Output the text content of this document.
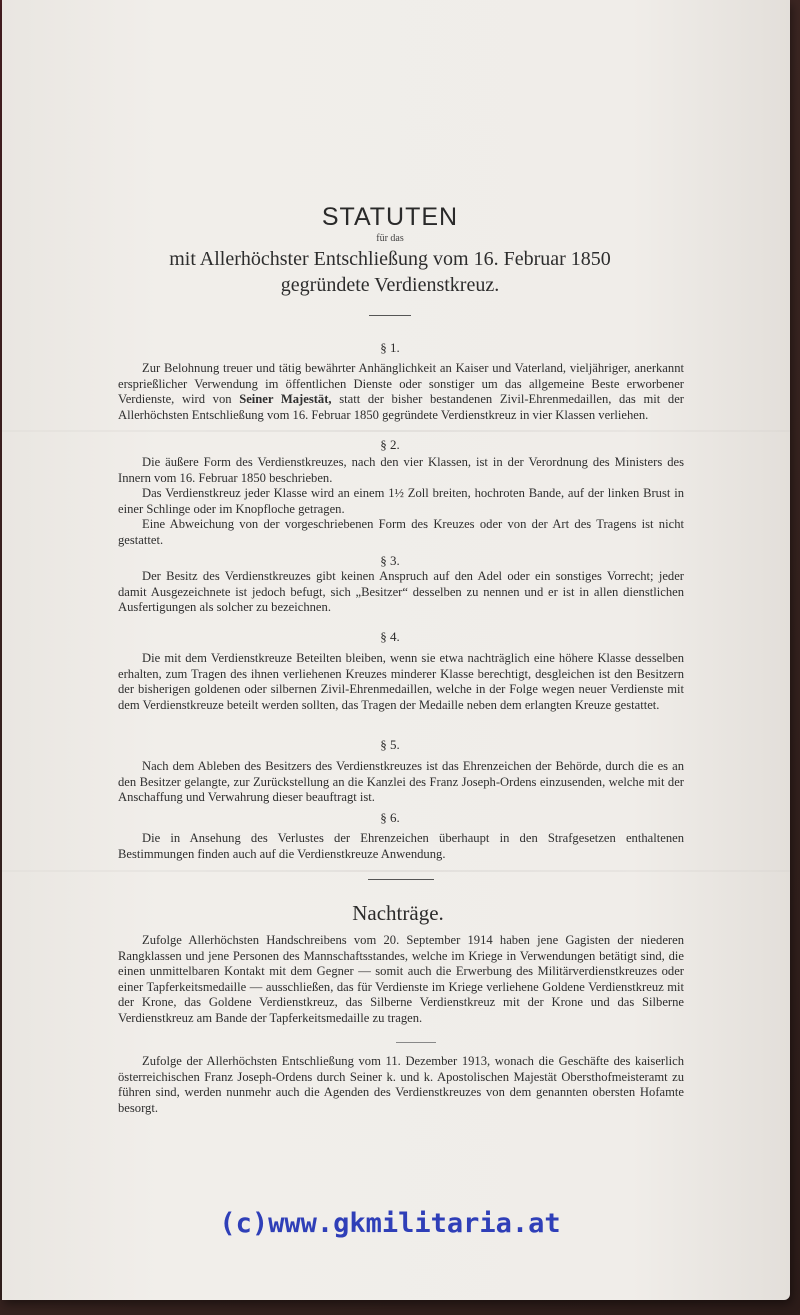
STATUTEN
für das
mit Allerhöchster Entschließung vom 16. Februar 1850
gegründete Verdienstkreuz.
§ 1.

Zur Belohnung treuer und tätig bewährter Anhänglichkeit an Kaiser und Vaterland, vieljähriger, anerkannt ersprießlicher Verwendung im öffentlichen Dienste oder sonstiger um das allgemeine Beste erworbener Verdienste, wird von Seiner Majestät, statt der bisher bestandenen Zivil-Ehrenmedaillen, das mit der Allerhöchsten Entschließung vom 16. Februar 1850 gegründete Verdienstkreuz in vier Klassen verliehen.

§ 2.

Die äußere Form des Verdienstkreuzes, nach den vier Klassen, ist in der Verordnung des Ministers des Innern vom 16. Februar 1850 beschrieben.

Das Verdienstkreuz jeder Klasse wird an einem 1½ Zoll breiten, hochroten Bande, auf der linken Brust in einer Schlinge oder im Knopfloche getragen.

Eine Abweichung von der vorgeschriebenen Form des Kreuzes oder von der Art des Tragens ist nicht gestattet.

§ 3.

Der Besitz des Verdienstkreuzes gibt keinen Anspruch auf den Adel oder ein sonstiges Vorrecht; jeder damit Ausgezeichnete ist jedoch befugt, sich „Besitzer“ desselben zu nennen und er ist in allen dienstlichen Ausfertigungen als solcher zu bezeichnen.

§ 4.

Die mit dem Verdienstkreuze Beteilten bleiben, wenn sie etwa nachträglich eine höhere Klasse desselben erhalten, zum Tragen des ihnen verliehenen Kreuzes minderer Klasse berechtigt, desgleichen ist den Besitzern der bisherigen goldenen oder silbernen Zivil-Ehrenmedaillen, welche in der Folge wegen neuer Verdienste mit dem Verdienstkreuze beteilt werden sollten, das Tragen der Medaille neben dem erlangten Kreuze gestattet.

§ 5.

Nach dem Ableben des Besitzers des Verdienstkreuzes ist das Ehrenzeichen der Behörde, durch die es an den Besitzer gelangte, zur Zurückstellung an die Kanzlei des Franz Joseph-Ordens einzusenden, welche mit der Anschaffung und Verwahrung dieser beauftragt ist.

§ 6.

Die in Ansehung des Verlustes der Ehrenzeichen überhaupt in den Strafgesetzen enthaltenen Bestimmungen finden auch auf die Verdienstkreuze Anwendung.

Nachträge.

Zufolge Allerhöchsten Handschreibens vom 20. September 1914 haben jene Gagisten der niederen Rangklassen und jene Personen des Mannschaftsstandes, welche im Kriege in Verwendungen betätigt sind, die einen unmittelbaren Kontakt mit dem Gegner — somit auch die Erwerbung des Militärverdienstkreuzes oder einer Tapferkeitsmedaille — ausschließen, das für Verdienste im Kriege verliehene Goldene Verdienstkreuz mit der Krone, das Goldene Verdienstkreuz, das Silberne Verdienstkreuz mit der Krone und das Silberne Verdienstkreuz am Bande der Tapferkeitsmedaille zu tragen.

Zufolge der Allerhöchsten Entschließung vom 11. Dezember 1913, wonach die Geschäfte des kaiserlich österreichischen Franz Joseph-Ordens durch Seiner k. und k. Apostolischen Majestät Obersthofmeisteramt zu führen sind, werden nunmehr auch die Agenden des Verdienstkreuzes von dem genannten obersten Hofamte besorgt.

(c)www.gkmilitaria.at
